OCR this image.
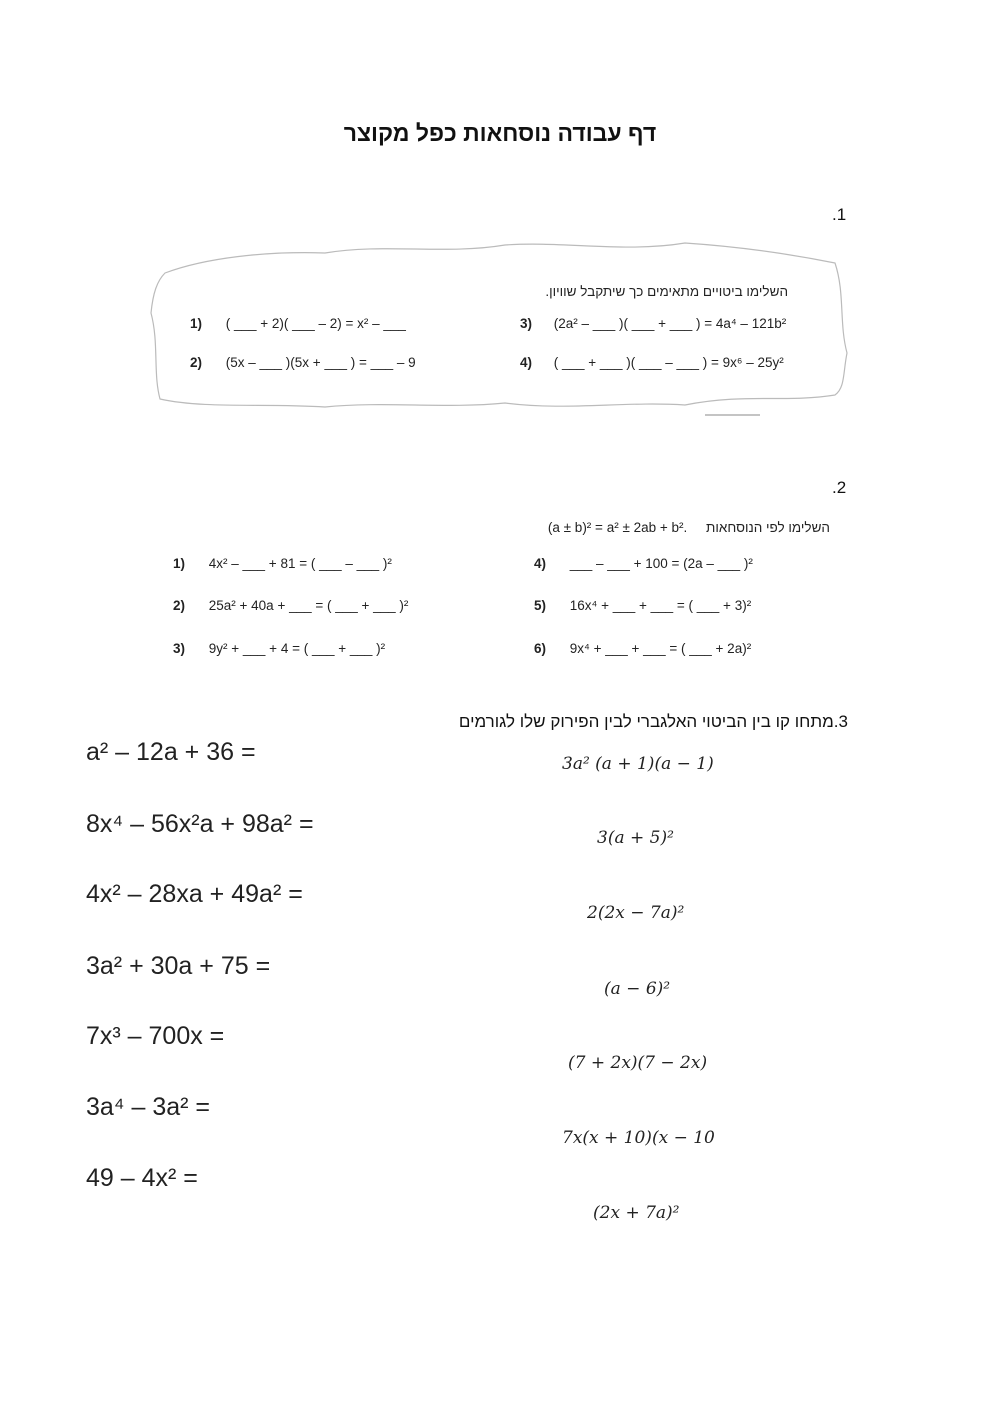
דף עבודה נוסחאות כפל מקוצר
.1
השלימו ביטויים מתאימים כך שיתקבל שוויון.
1) ( ___ + 2)( ___ – 2) = x² – ___	3) (2a² – ___ )( ___ + ___ ) = 4a⁴ – 121b²
2) (5x – ___ )(5x + ___ ) = ___ – 9	4) ( ___ + ___ )( ___ – ___ ) = 9x⁶ – 25y²
.2
השלימו לפי הנוסחאות     (a ± b)² = a² ± 2ab + b².
1) 4x² – ___ + 81 = ( ___ – ___ )²	4) ___ – ___ + 100 = (2a – ___ )²
2) 25a² + 40a + ___ = ( ___ + ___ )²	5) 16x⁴ + ___ + ___ = ( ___ + 3)²
3) 9y² + ___ + 4 = ( ___ + ___ )²	6) 9x⁴ + ___ + ___ = ( ___ + 2a)²
3.מתחו קו בין הביטוי האלגברי לבין הפירוק שלו לגורמים
a² – 12a + 36 =
8x⁴ – 56x²a + 98a² =
4x² – 28xa + 49a² =
3a² + 30a + 75 =
7x³ – 700x =
3a⁴ – 3a² =
49 – 4x² =
3a² (a + 1)(a − 1)
3(a + 5)²
2(2x − 7a)²
(a − 6)²
(7 + 2x)(7 − 2x)
7x(x + 10)(x − 10
(2x + 7a)²
